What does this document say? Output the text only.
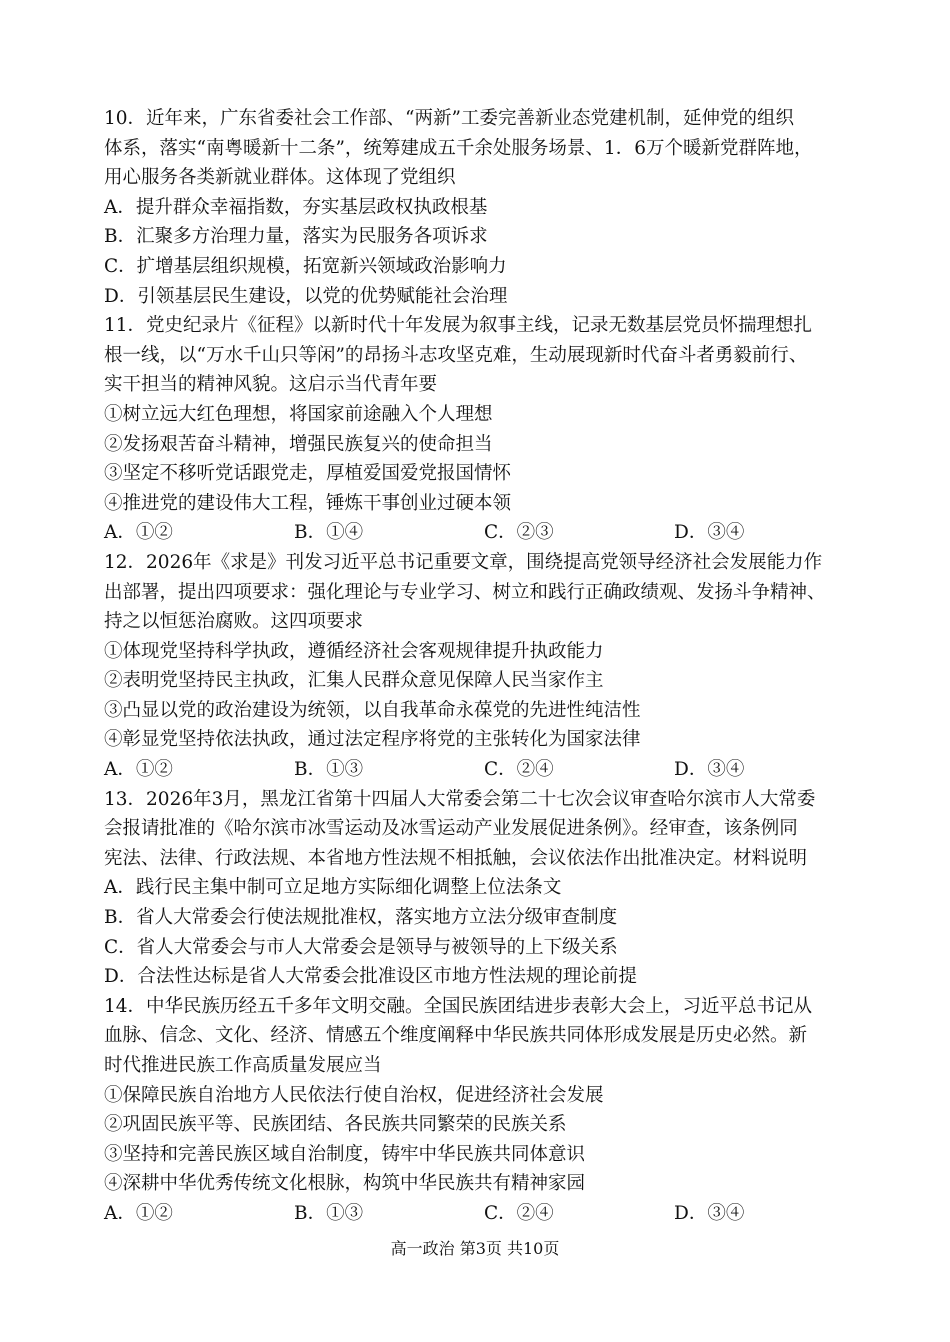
10．近年来，广东省委社会工作部、“两新”工委完善新业态党建机制，延伸党的组织
体系，落实“南粤暖新十二条”，统筹建成五千余处服务场景、1．6万个暖新党群阵地，
用心服务各类新就业群体。这体现了党组织
A．提升群众幸福指数，夯实基层政权执政根基
B．汇聚多方治理力量，落实为民服务各项诉求
C．扩增基层组织规模，拓宽新兴领域政治影响力
D．引领基层民生建设，以党的优势赋能社会治理
11．党史纪录片《征程》以新时代十年发展为叙事主线，记录无数基层党员怀揣理想扎
根一线，以“万水千山只等闲”的昂扬斗志攻坚克难，生动展现新时代奋斗者勇毅前行、
实干担当的精神风貌。这启示当代青年要
①树立远大红色理想，将国家前途融入个人理想
②发扬艰苦奋斗精神，增强民族复兴的使命担当
③坚定不移听党话跟党走，厚植爱国爱党报国情怀
④推进党的建设伟大工程，锤炼干事创业过硬本领
A．①②	B．①④	C．②③	D．③④
12．2026年《求是》刊发习近平总书记重要文章，围绕提高党领导经济社会发展能力作
出部署，提出四项要求：强化理论与专业学习、树立和践行正确政绩观、发扬斗争精神、
持之以恒惩治腐败。这四项要求
①体现党坚持科学执政，遵循经济社会客观规律提升执政能力
②表明党坚持民主执政，汇集人民群众意见保障人民当家作主
③凸显以党的政治建设为统领，以自我革命永葆党的先进性纯洁性
④彰显党坚持依法执政，通过法定程序将党的主张转化为国家法律
A．①②	B．①③	C．②④	D．③④
13．2026年3月，黑龙江省第十四届人大常委会第二十七次会议审查哈尔滨市人大常委
会报请批准的《哈尔滨市冰雪运动及冰雪运动产业发展促进条例》。经审查，该条例同
宪法、法律、行政法规、本省地方性法规不相抵触，会议依法作出批准决定。材料说明
A．践行民主集中制可立足地方实际细化调整上位法条文
B．省人大常委会行使法规批准权，落实地方立法分级审查制度
C．省人大常委会与市人大常委会是领导与被领导的上下级关系
D．合法性达标是省人大常委会批准设区市地方性法规的理论前提
14．中华民族历经五千多年文明交融。全国民族团结进步表彰大会上，习近平总书记从
血脉、信念、文化、经济、情感五个维度阐释中华民族共同体形成发展是历史必然。新
时代推进民族工作高质量发展应当
①保障民族自治地方人民依法行使自治权，促进经济社会发展
②巩固民族平等、民族团结、各民族共同繁荣的民族关系
③坚持和完善民族区域自治制度，铸牢中华民族共同体意识
④深耕中华优秀传统文化根脉，构筑中华民族共有精神家园
A．①②	B．①③	C．②④	D．③④
高一政治 第3页 共10页
